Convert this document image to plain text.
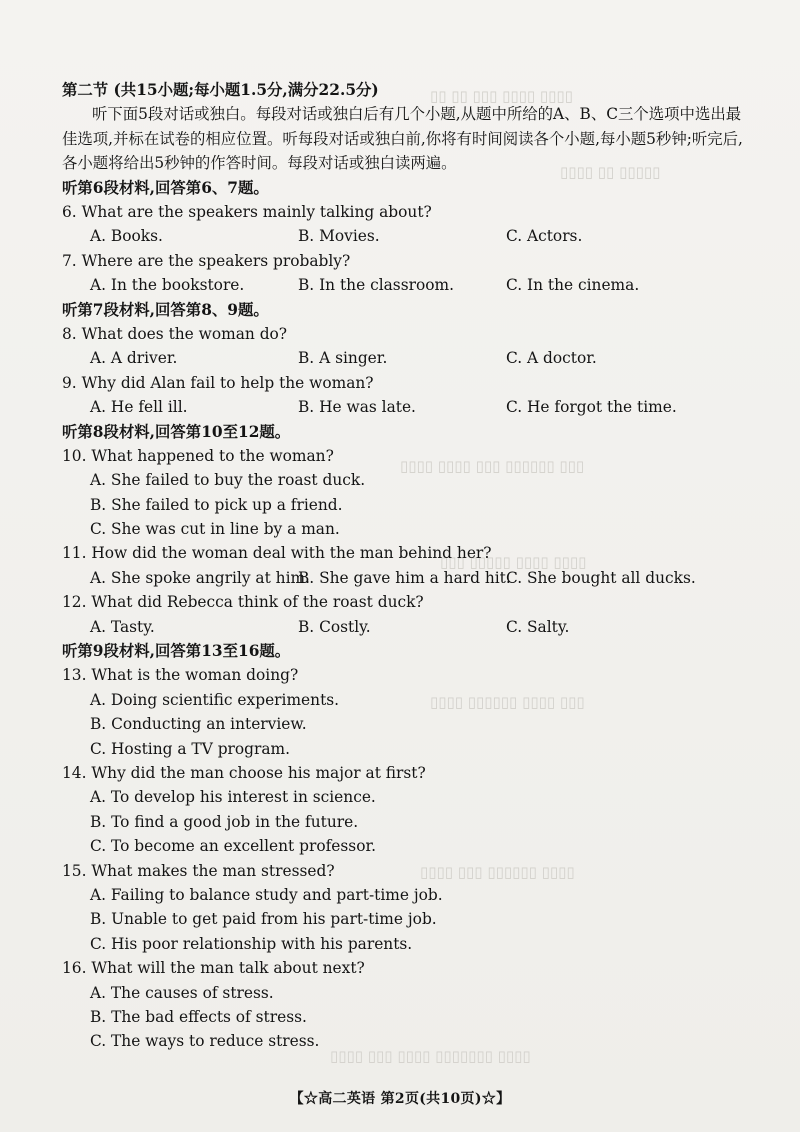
▯▯ ▯▯ ▯▯▯ ▯▯▯▯ ▯▯▯▯
▯▯▯▯ ▯▯ ▯▯▯▯▯
▯▯▯▯ ▯▯▯▯ ▯▯▯ ▯▯▯▯▯▯ ▯▯▯
▯▯▯ ▯▯▯▯▯ ▯▯▯▯ ▯▯▯▯
▯▯▯▯ ▯▯▯▯▯▯ ▯▯▯▯ ▯▯▯
▯▯▯▯ ▯▯▯ ▯▯▯▯▯▯ ▯▯▯▯
▯▯▯▯ ▯▯▯ ▯▯▯▯ ▯▯▯▯▯▯▯ ▯▯▯▯
第二节 (共15小题;每小题1.5分,满分22.5分)
听下面5段对话或独白。每段对话或独白后有几个小题,从题中所给的A、B、C三个选项中选出最佳选项,并标在试卷的相应位置。听每段对话或独白前,你将有时间阅读各个小题,每小题5秒钟;听完后,各小题将给出5秒钟的作答时间。每段对话或独白读两遍。
听第6段材料,回答第6、7题。
6. What are the speakers mainly talking about?
A. Books.	B. Movies.	C. Actors.
7. Where are the speakers probably?
A. In the bookstore.	B. In the classroom.	C. In the cinema.
听第7段材料,回答第8、9题。
8. What does the woman do?
A. A driver.	B. A singer.	C. A doctor.
9. Why did Alan fail to help the woman?
A. He fell ill.	B. He was late.	C. He forgot the time.
听第8段材料,回答第10至12题。
10. What happened to the woman?
A. She failed to buy the roast duck.
B. She failed to pick up a friend.
C. She was cut in line by a man.
11. How did the woman deal with the man behind her?
A. She spoke angrily at him.
B. She gave him a hard hit.
C. She bought all ducks.
12. What did Rebecca think of the roast duck?
A. Tasty.	B. Costly.	C. Salty.
听第9段材料,回答第13至16题。
13. What is the woman doing?
A. Doing scientific experiments.
B. Conducting an interview.
C. Hosting a TV program.
14. Why did the man choose his major at first?
A. To develop his interest in science.
B. To find a good job in the future.
C. To become an excellent professor.
15. What makes the man stressed?
A. Failing to balance study and part-time job.
B. Unable to get paid from his part-time job.
C. His poor relationship with his parents.
16. What will the man talk about next?
A. The causes of stress.
B. The bad effects of stress.
C. The ways to reduce stress.
【☆高二英语 第2页(共10页)☆】
